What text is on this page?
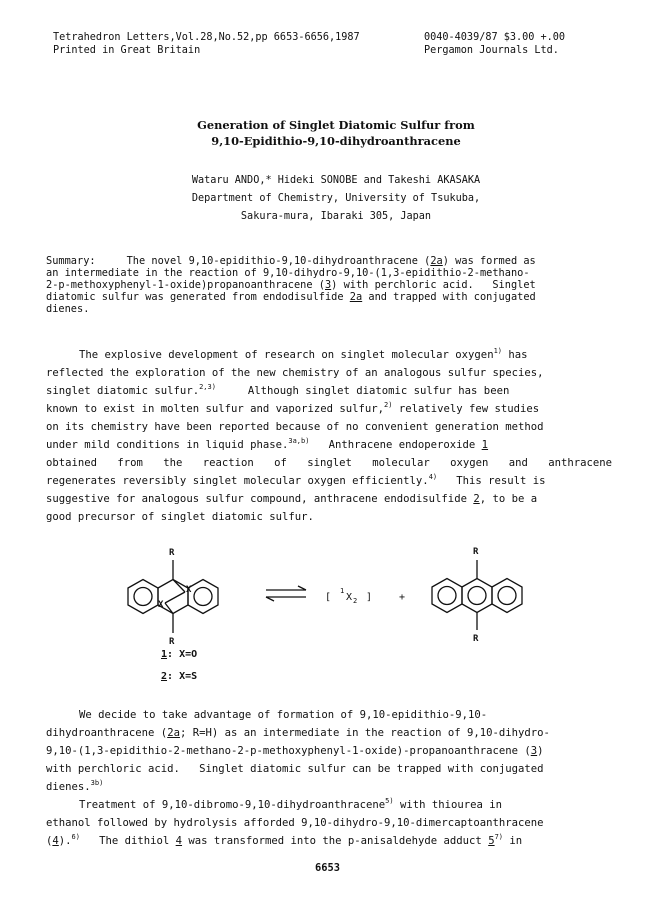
Tetrahedron Letters,Vol.28,No.52,pp 6653-6656,1987
Printed in Great Britain
0040-4039/87 $3.00 +.00
Pergamon Journals Ltd.
Generation of Singlet Diatomic Sulfur from
9,10-Epidithio-9,10-dihydroanthracene
Wataru ANDO,* Hideki SONOBE and Takeshi AKASAKA
Department of Chemistry, University of Tsukuba,
Sakura-mura, Ibaraki 305, Japan
Summary:     The novel 9,10-epidithio-9,10-dihydroanthracene (2a) was formed as
an intermediate in the reaction of 9,10-dihydro-9,10-(1,3-epidithio-2-methano-
2-p-methoxyphenyl-1-oxide)propanoanthracene (3) with perchloric acid.   Singlet
diatomic sulfur was generated from endodisulfide 2a and trapped with conjugated
dienes.
The explosive development of research on singlet molecular oxygen$^{1)}$ has
reflected the exploration of the new chemistry of an analogous sulfur species,
singlet diatomic sulfur.$^{2,3)}$     Although singlet diatomic sulfur has been
known to exist in molten sulfur and vaporized sulfur,$^{2)}$ relatively few studies
on its chemistry have been reported because of no convenient generation method
under mild conditions in liquid phase.$^{3a,b)}$   Anthracene endoperoxide 1
obtained from the reaction of singlet molecular oxygen and anthracene
regenerates reversibly singlet molecular oxygen efficiently.$^{4)}$   This result is
suggestive for analogous sulfur compound, anthracene endodisulfide 2, to be a
good precursor of singlet diatomic sulfur.
R
R
X
X
R
R
[
1
X 2 ]	+
1: X=O
2: X=S
We decide to take advantage of formation of 9,10-epidithio-9,10-
dihydroanthracene (2a; R=H) as an intermediate in the reaction of 9,10-dihydro-
9,10-(1,3-epidithio-2-methano-2-p-methoxyphenyl-1-oxide)-propanoanthracene (3)
with perchloric acid.   Singlet diatomic sulfur can be trapped with conjugated
dienes.$^{3b)}$
Treatment of 9,10-dibromo-9,10-dihydroanthracene$^{5)}$ with thiourea in
ethanol followed by hydrolysis afforded 9,10-dihydro-9,10-dimercaptoanthracene
(4).$^{6)}$   The dithiol 4 was transformed into the p-anisaldehyde adduct 5$^{7)}$ in
6653
